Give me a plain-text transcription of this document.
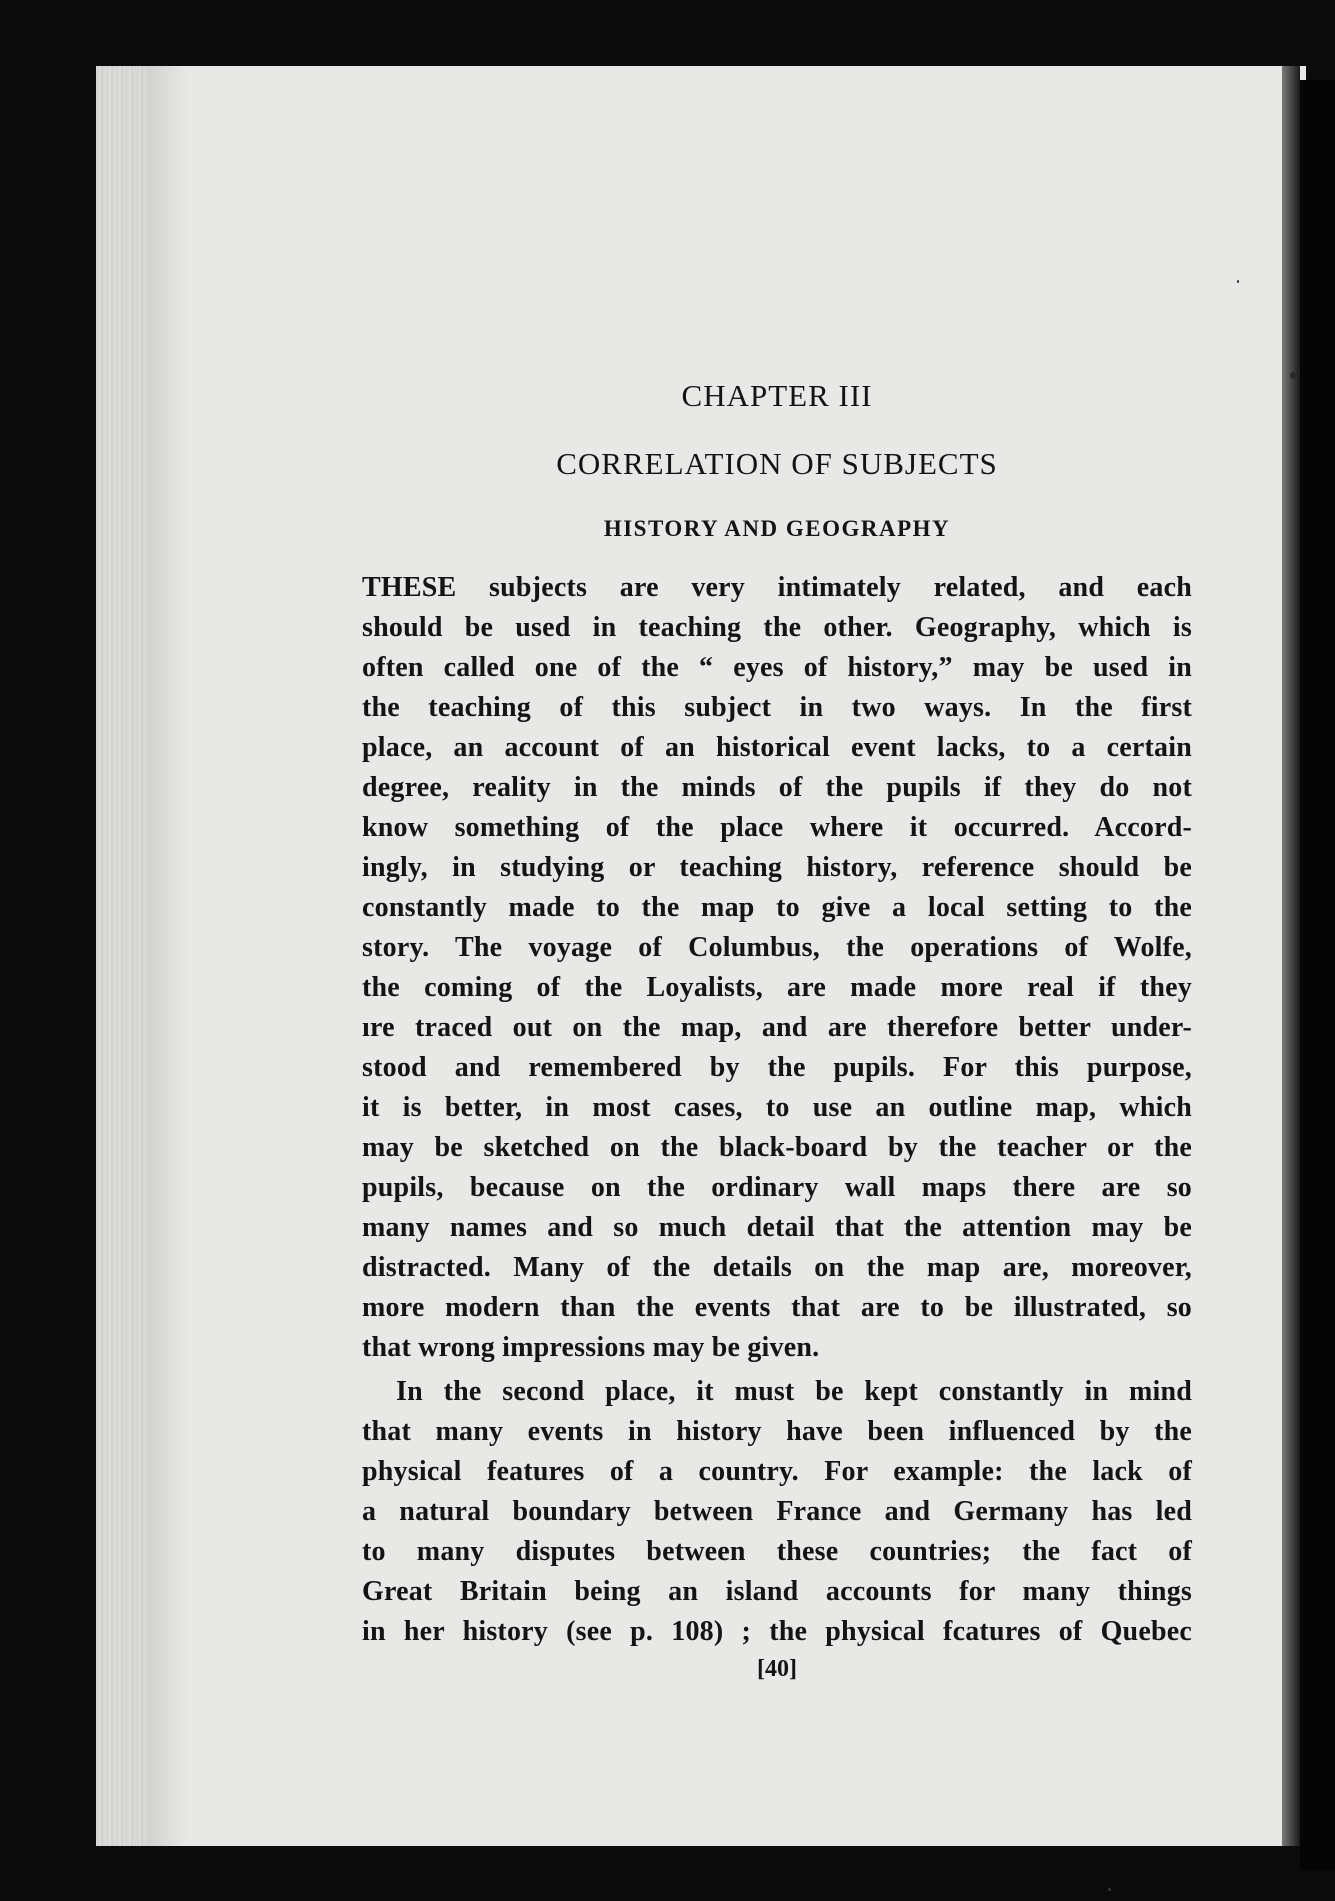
CHAPTER III
CORRELATION OF SUBJECTS
HISTORY AND GEOGRAPHY
THESE subjects are very intimately related, and each
should be used in teaching the other. Geography, which is
often called one of the “ eyes of history,” may be used in
the teaching of this subject in two ways. In the first
place, an account of an historical event lacks, to a certain
degree, reality in the minds of the pupils if they do not
know something of the place where it occurred. Accord-
ingly, in studying or teaching history, reference should be
constantly made to the map to give a local setting to the
story. The voyage of Columbus, the operations of Wolfe,
the coming of the Loyalists, are made more real if they
ıre traced out on the map, and are therefore better under-
stood and remembered by the pupils. For this purpose,
it is better, in most cases, to use an outline map, which
may be sketched on the black-board by the teacher or the
pupils, because on the ordinary wall maps there are so
many names and so much detail that the attention may be
distracted. Many of the details on the map are, moreover,
more modern than the events that are to be illustrated, so
that wrong impressions may be given.
In the second place, it must be kept constantly in mind
that many events in history have been influenced by the
physical features of a country. For example: the lack of
a natural boundary between France and Germany has led
to many disputes between these countries; the fact of
Great Britain being an island accounts for many things
in her history (see p. 108) ; the physical fcatures of Quebec
[40]
